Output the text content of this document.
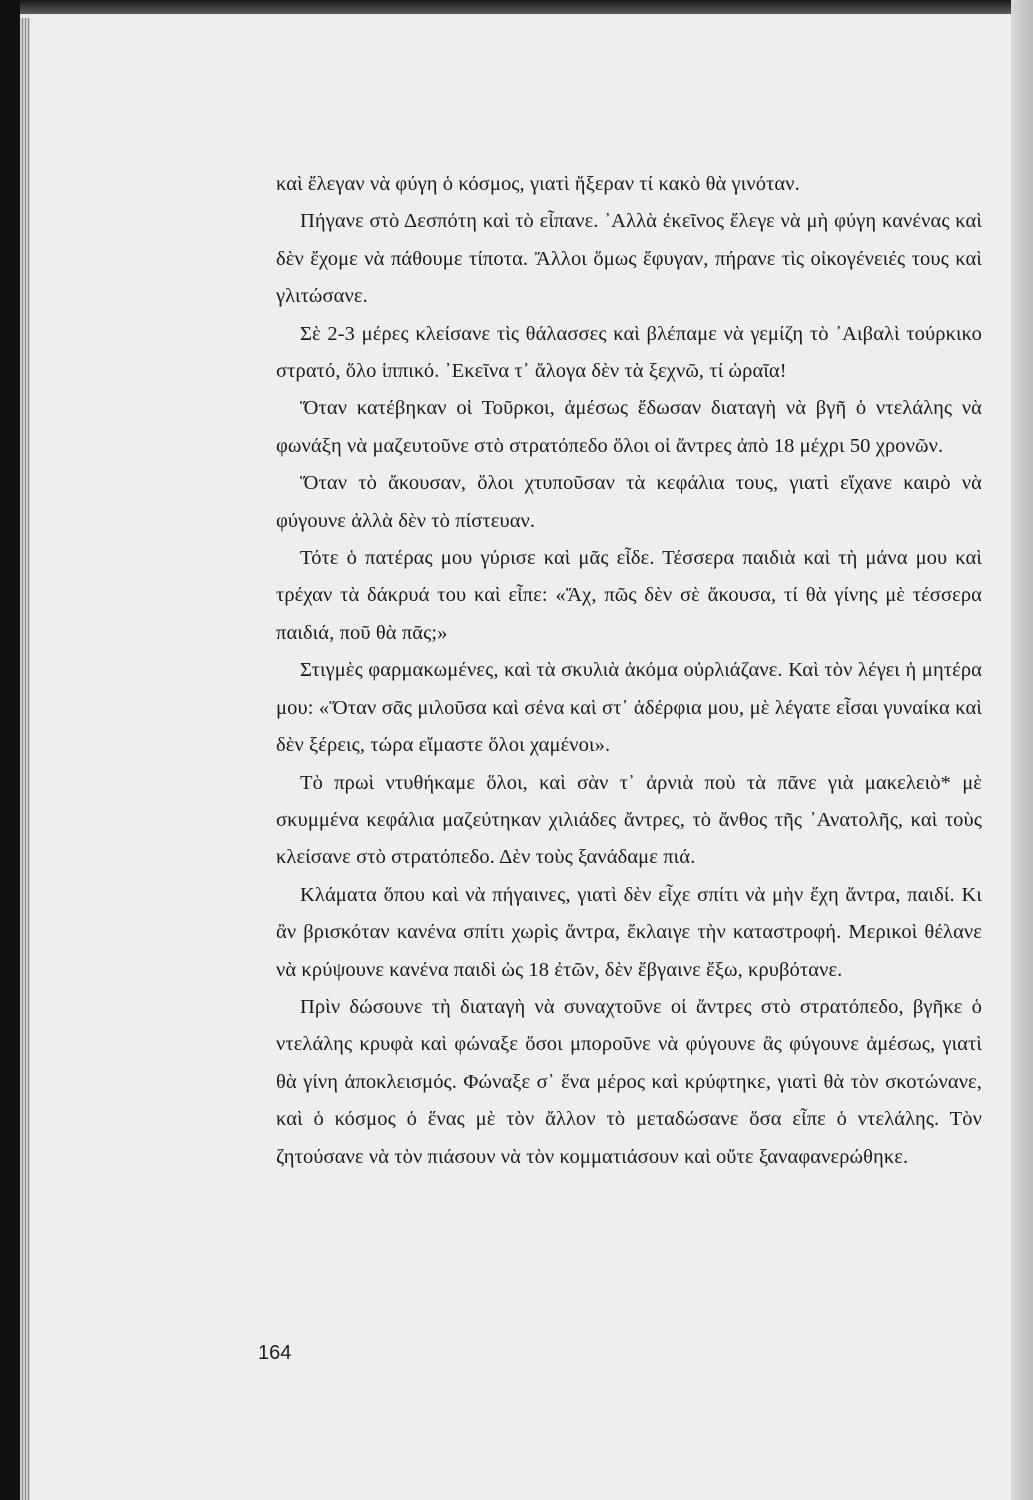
καὶ ἔλεγαν νὰ φύγη ὁ κόσμος, γιατὶ ἤξεραν τί κακὸ θὰ γινόταν.

Πήγανε στὸ Δεσπότη καὶ τὸ εἶπανε. ᾿Αλλὰ ἐκεῖνος ἔλεγε νὰ μὴ φύγη κανένας καὶ δὲν ἔχομε νὰ πάθουμε τίποτα. Ἄλλοι ὅμως ἔφυγαν, πήρανε τὶς οἰκογένειές τους καὶ γλιτώσανε.

Σὲ 2-3 μέρες κλείσανε τὶς θάλασσες καὶ βλέπαμε νὰ γεμίζη τὸ ᾿Αιβαλὶ τούρκικο στρατό, ὅλο ἱππικό. ᾿Εκεῖνα τ᾿ ἄλογα δὲν τὰ ξεχνῶ, τί ὡραῖα!

Ὅταν κατέβηκαν οἱ Τοῦρκοι, ἀμέσως ἔδωσαν διαταγὴ νὰ βγῆ ὁ ντελάλης νὰ φωνάξη νὰ μαζευτοῦνε στὸ στρατόπεδο ὅλοι οἱ ἄντρες ἀπὸ 18 μέχρι 50 χρονῶν.

Ὅταν τὸ ἄκουσαν, ὅλοι χτυποῦσαν τὰ κεφάλια τους, γιατὶ εἴχανε καιρὸ νὰ φύγουνε ἀλλὰ δὲν τὸ πίστευαν.

Τότε ὁ πατέρας μου γύρισε καὶ μᾶς εἶδε. Τέσσερα παιδιὰ καὶ τὴ μάνα μου καὶ τρέχαν τὰ δάκρυά του καὶ εἶπε: «Ἄχ, πῶς δὲν σὲ ἄκουσα, τί θὰ γίνης μὲ τέσσερα παιδιά, ποῦ θὰ πᾶς;»

Στιγμὲς φαρμακωμένες, καὶ τὰ σκυλιὰ ἀκόμα οὐρλιάζανε. Καὶ τὸν λέγει ἡ μητέρα μου: «Ὅταν σᾶς μιλοῦσα καὶ σένα καὶ στ᾿ ἀδέρφια μου, μὲ λέγατε εἶσαι γυναίκα καὶ δὲν ξέρεις, τώρα εἴμαστε ὅλοι χαμένοι».

Τὸ πρωὶ ντυθήκαμε ὅλοι, καὶ σὰν τ᾿ ἀρνιὰ ποὺ τὰ πᾶνε γιὰ μακελειὸ* μὲ σκυμμένα κεφάλια μαζεύτηκαν χιλιάδες ἄντρες, τὸ ἄνθος τῆς ᾿Ανατολῆς, καὶ τοὺς κλείσανε στὸ στρατόπεδο. Δὲν τοὺς ξανάδαμε πιά.

Κλάματα ὅπου καὶ νὰ πήγαινες, γιατὶ δὲν εἶχε σπίτι νὰ μὴν ἔχη ἄντρα, παιδί. Κι ἂν βρισκόταν κανένα σπίτι χωρὶς ἄντρα, ἔκλαιγε τὴν καταστροφή. Μερικοὶ θέλανε νὰ κρύψουνε κανένα παιδὶ ὡς 18 ἐτῶν, δὲν ἔβγαινε ἔξω, κρυβότανε.

Πρὶν δώσουνε τὴ διαταγὴ νὰ συναχτοῦνε οἱ ἄντρες στὸ στρατόπεδο, βγῆκε ὁ ντελάλης κρυφὰ καὶ φώναξε ὅσοι μποροῦνε νὰ φύγουνε ἂς φύγουνε ἀμέσως, γιατὶ θὰ γίνη ἀποκλεισμός. Φώναξε σ᾿ ἕνα μέρος καὶ κρύφτηκε, γιατὶ θὰ τὸν σκοτώνανε, καὶ ὁ κόσμος ὁ ἕνας μὲ τὸν ἄλλον τὸ μεταδώσανε ὅσα εἶπε ὁ ντελάλης. Τὸν ζητούσανε νὰ τὸν πιάσουν νὰ τὸν κομματιάσουν καὶ οὔτε ξαναφανερώθηκε.

164
